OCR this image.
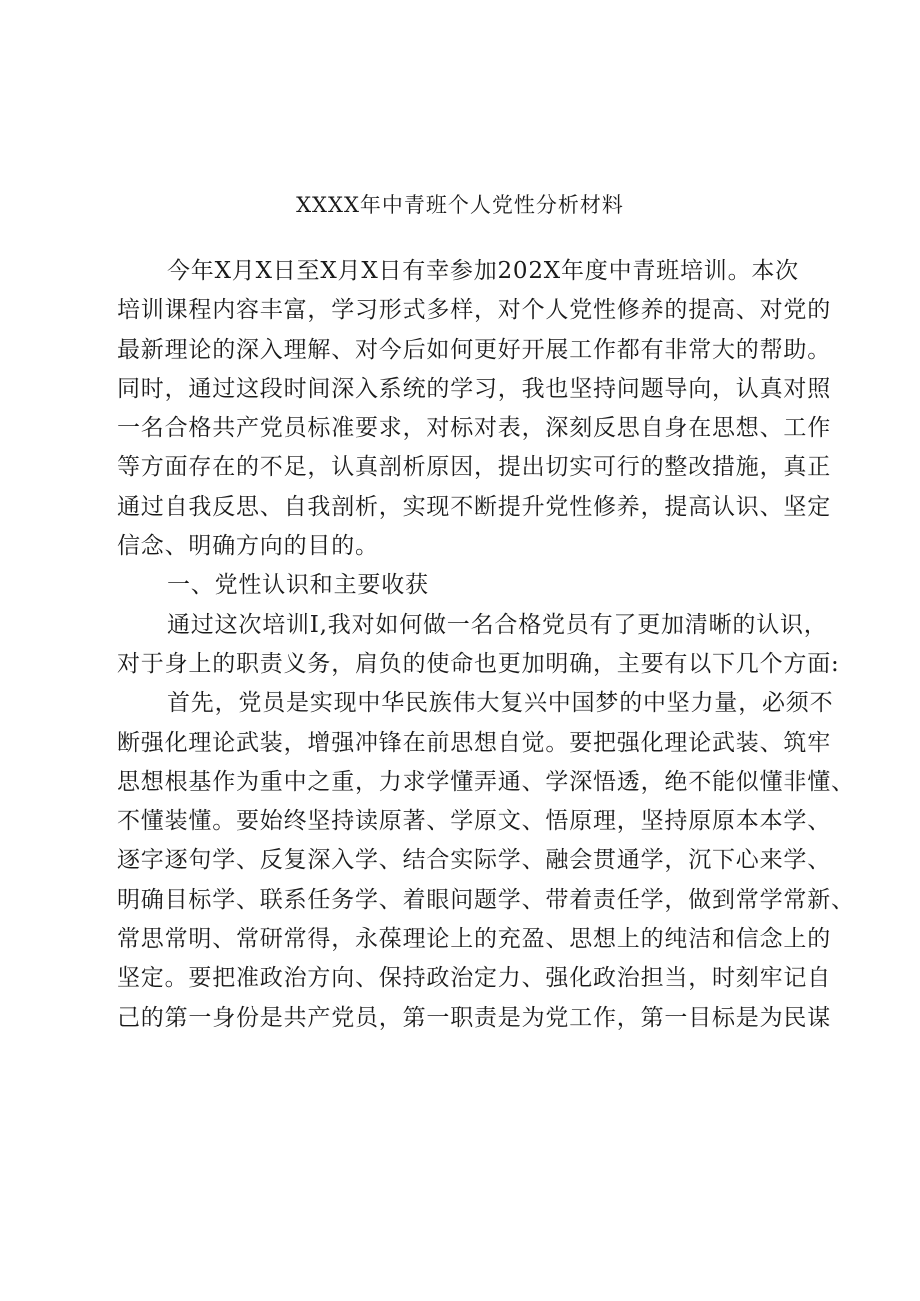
XXXX年中青班个人党性分析材料

今年X月X日至X月X日有幸参加202X年度中青班培训。本次
培训课程内容丰富，学习形式多样，对个人党性修养的提高、对党的
最新理论的深入理解、对今后如何更好开展工作都有非常大的帮助。
同时，通过这段时间深入系统的学习，我也坚持问题导向，认真对照
一名合格共产党员标准要求，对标对表，深刻反思自身在思想、工作
等方面存在的不足，认真剖析原因，提出切实可行的整改措施，真正
通过自我反思、自我剖析，实现不断提升党性修养，提高认识、坚定
信念、明确方向的目的。

一、党性认识和主要收获

通过这次培训I,我对如何做一名合格党员有了更加清晰的认识，
对于身上的职责义务，肩负的使命也更加明确，主要有以下几个方面:

首先，党员是实现中华民族伟大复兴中国梦的中坚力量，必须不
断强化理论武装，增强冲锋在前思想自觉。要把强化理论武装、筑牢
思想根基作为重中之重，力求学懂弄通、学深悟透，绝不能似懂非懂、
不懂装懂。要始终坚持读原著、学原文、悟原理，坚持原原本本学、
逐字逐句学、反复深入学、结合实际学、融会贯通学，沉下心来学、
明确目标学、联系任务学、着眼问题学、带着责任学，做到常学常新、
常思常明、常研常得，永葆理论上的充盈、思想上的纯洁和信念上的
坚定。要把准政治方向、保持政治定力、强化政治担当，时刻牢记自
己的第一身份是共产党员，第一职责是为党工作，第一目标是为民谋
